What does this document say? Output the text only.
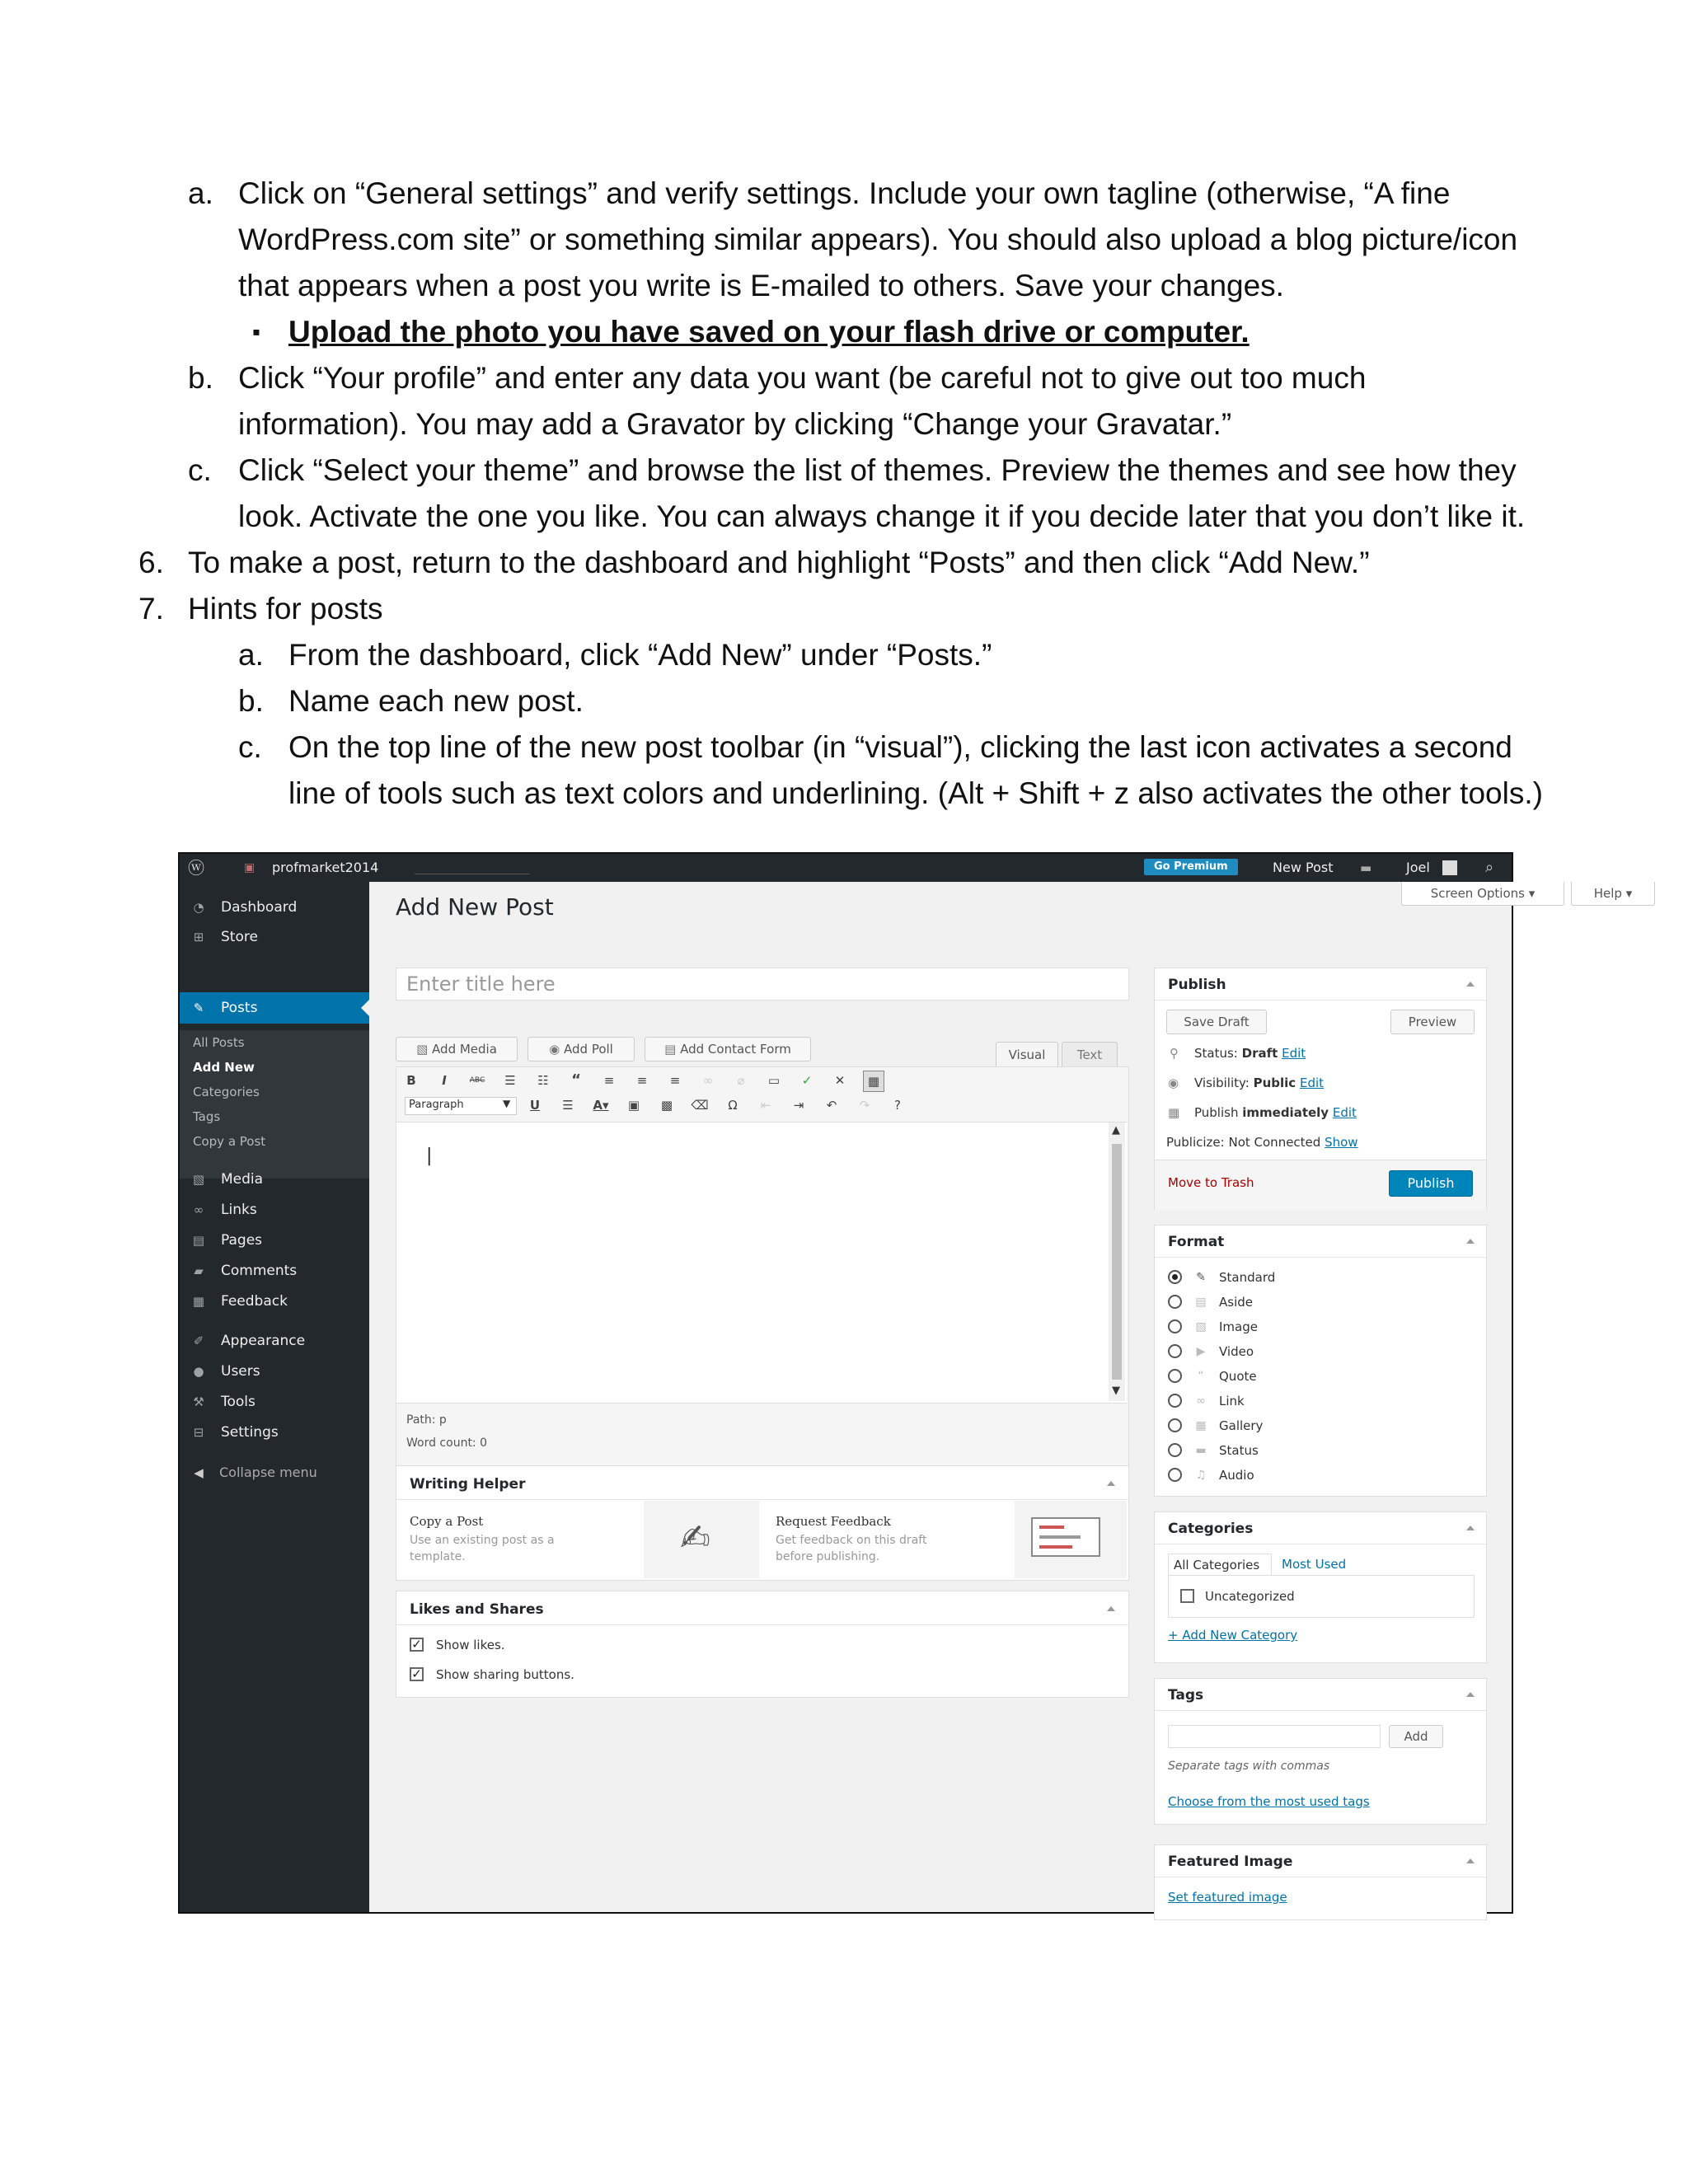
a. Click on “General settings” and verify settings. Include your own tagline (otherwise, “A fine
WordPress.com site” or something similar appears). You should also upload a blog picture/icon
that appears when a post you write is E-mailed to others. Save your changes.
▪ Upload the photo you have saved on your flash drive or computer.
b. Click “Your profile” and enter any data you want (be careful not to give out too much
information). You may add a Gravator by clicking “Change your Gravatar.”
c. Click “Select your theme” and browse the list of themes. Preview the themes and see how they
look. Activate the one you like. You can always change it if you decide later that you don’t like it.
6. To make a post, return to the dashboard and highlight “Posts” and then click “Add New.”
7. Hints for posts
a. From the dashboard, click “Add New” under “Posts.”
b. Name each new post.
c. On the top line of the new post toolbar (in “visual”), clicking the last icon activates a second
line of tools such as text colors and underlining. (Alt + Shift + z also activates the other tools.)
ⓦ	▣ profmarket2014	Go Premium	New Post ▬	Joel	⌕
◔ Dashboard
⊞ Store
✎ Posts
All Posts
Add New
Categories
Tags
Copy a Post
▧ Media
∞ Links
▤ Pages
▰ Comments
▦ Feedback
✐ Appearance
● Users
⚒ Tools
⊟ Settings
◀ Collapse menu
Add New Post	Screen Options ▾	Help ▾
Enter title here
▧ Add Media	◉ Add Poll	▤ Add Contact Form	Visual	Text
B	I	ABC	☰	☷	“	≡	≡	≡	∞	⌀	▭	✓	✕	▦
Paragraph	▼	U	☰	A▾	▣	▩	⌫	Ω	⇤	⇥	↶	↷	?
|
▲
▼
Path: p
Word count: 0
Writing Helper
Copy a Post
Use an existing post as a
template.	✍	Request Feedback
Get feedback on this draft
before publishing.
Likes and Shares
✓ Show likes.
✓ Show sharing buttons.
Publish
Save Draft	Preview
⚲ Status: Draft Edit
◉ Visibility: Public Edit
▦ Publish immediately Edit
Publicize: Not Connected Show
Move to Trash	Publish
Format
✎ Standard
▤ Aside
▧ Image
▶	Video
“	Quote
∞ Link
▦ Gallery
▬ Status
♫ Audio
Categories
All Categories Most Used
Uncategorized
+ Add New Category
Tags
Add
Separate tags with commas
Choose from the most used tags
Featured Image
Set featured image
